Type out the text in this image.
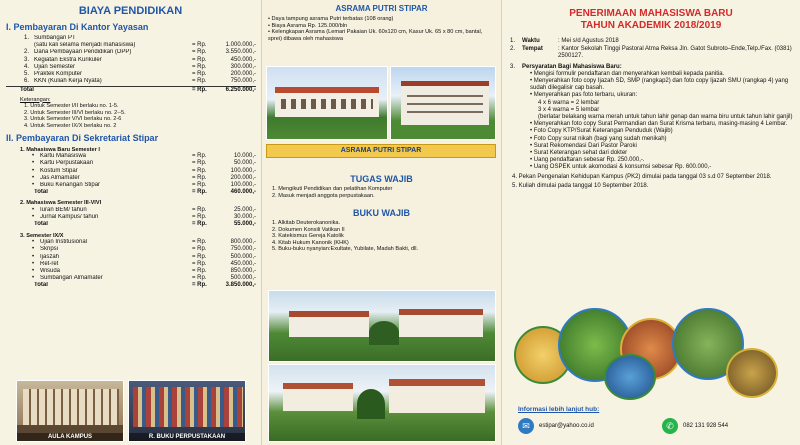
BIAYA PENDIDIKAN
I. Pembayaran Di Kantor Yayasan
1. Sumbangan PT
(satu kali selama menjadi mahasiswa)	= Rp.	1.000.000,-
2. Dana Pembayaan Pendidikan (DPP)	= Rp.	3.550.000,-
3. Kegiatan Ekstra Kurikuler	= Rp.	450.000,-
4. Ujian Semester	= Rp.	300.000,-
5. Praktek Komputer	= Rp.	200.000,-
6. KKN (Kuliah Kerja Nyata)	= Rp.	750.000,-
Total	= Rp.	6.250.000,-
Keterangan:
1. Untuk Semester I/II berlaku no. 1-5.
2. Untuk Semester III/VI berlaku no. 2--5.
3. Untuk Semester V/VI berlaku no. 2-6
4. Untuk Semester IX/X berlaku no. 2
II. Pembayaran Di Sekretariat Stipar
1. Mahasiswa Baru Semester I
• Kartu Mahasiswa	= Rp.	10.000,-
• Kartu Perpustakaan	= Rp.	50.000,-
• Kostum Stipar	= Rp.	100.000,-
• Jas Almamater	= Rp.	200.000,-
• Buku Kenangan Stipar	= Rp.	100.000,-
Total	= Rp.	460.000,-
2. Mahasiswa Semester III-VIVI
• Iuran BEM/ tahun	= Rp.	25.000,-
• Jurnal Kampus/ tahun	= Rp.	30.000,-
Total	= Rp.	55.000,-
3. Semester IX/X
• Ujian Institusional	= Rp.	800.000,-
• Skripsi	= Rp.	750.000,-
• Ijaszah	= Rp.	500.000,-
• Ret-ret	= Rp.	450.000,-
• Wisuda	= Rp.	850.000,-
• Sumbangan Almamater	= Rp.	500.000,-
Total	= Rp.	3.850.000,-
AULA KAMPUS	R. BUKU PERPUSTAKAAN
ASRAMA PUTRI STIPAR
• Daya tampung asrama Putri terbatas (108 orang)
• Biaya Asrama Rp. 125.000/bln
• Kelengkapan Asrama (Lemari Pakaian Uk. 60x120 cm, Kasur Uk. 65 x 80 cm, bantal, sprei) dibawa oleh mahasiswa
ASRAMA PUTRI STIPAR
TUGAS WAJIB
1. Mengikuti Pendidikan dan pelatihan Komputer
2. Masuk menjadi anggota perpustakaan.
BUKU WAJIB
1. Alkitab Deuterokanonika.
2. Dokumen Konsili Vatikan II
3. Katekismus Gereja Katolik
4. Kitab Hukum Kanonik (KHK)
5. Buku-buku nyanyian:Exultate, Yubilate, Madah Bakti, dll.
PENERIMAAN MAHASISWA BARU
TAHUN AKADEMIK 2018/2019
1.	Waktu	: Mei s/d Agustus 2018
2.	Tempat	: Kantor Sekolah Tinggi Pastoral Atma Reksa Jln. Gatot Subroto–Ende,Telp./Fax. (0381) 2500127.
3.	Persyaratan Bagi Mahasiswa Baru:
• Mengisi formulir pendaftaran dan menyerahkan kembali kepada panitia.
• Menyerahkan foto copy Ijazah SD, SMP (rangkap2) dan foto copy Ijazah SMU (rangkap 4) yang sudah dilegalisir cap basah.
• Menyerahkan pas foto terbaru, ukuran:
4 x 6 warna = 2 lembar
3 x 4 warna = 5 lembar
(berlatar belakang warna merah untuk tahun lahir genap dan warna biru untuk tahun lahir ganjil)
• Menyerahkan foto copy Surat Permandian dan Surat Krisma terbaru, masing-masing 4 Lembar.
• Foto Copy KTP/Surat Keterangan Penduduk (Wajib)
• Foto Copy surat nikah (bagi yang sudah menikah)
• Surat Rekomendasi Dari Pastor Paroki
• Surat Keterangan sehat dari dokter
• Uang pendaftaran sebesar Rp. 250.000,-.
• Uang OSPEK untuk akomodasi & konsumsi sebesar Rp. 600.000,-
4. Pekan Pengenalan Kehidupan Kampus (PK2) dimulai pada tanggal 03 s.d 07 September 2018.
5. Kuliah dimulai pada tanggal 10 September 2018.
Informasi lebih lanjut hub:
✉	estipar@yahoo.co.id	✆	082 131 928 544
